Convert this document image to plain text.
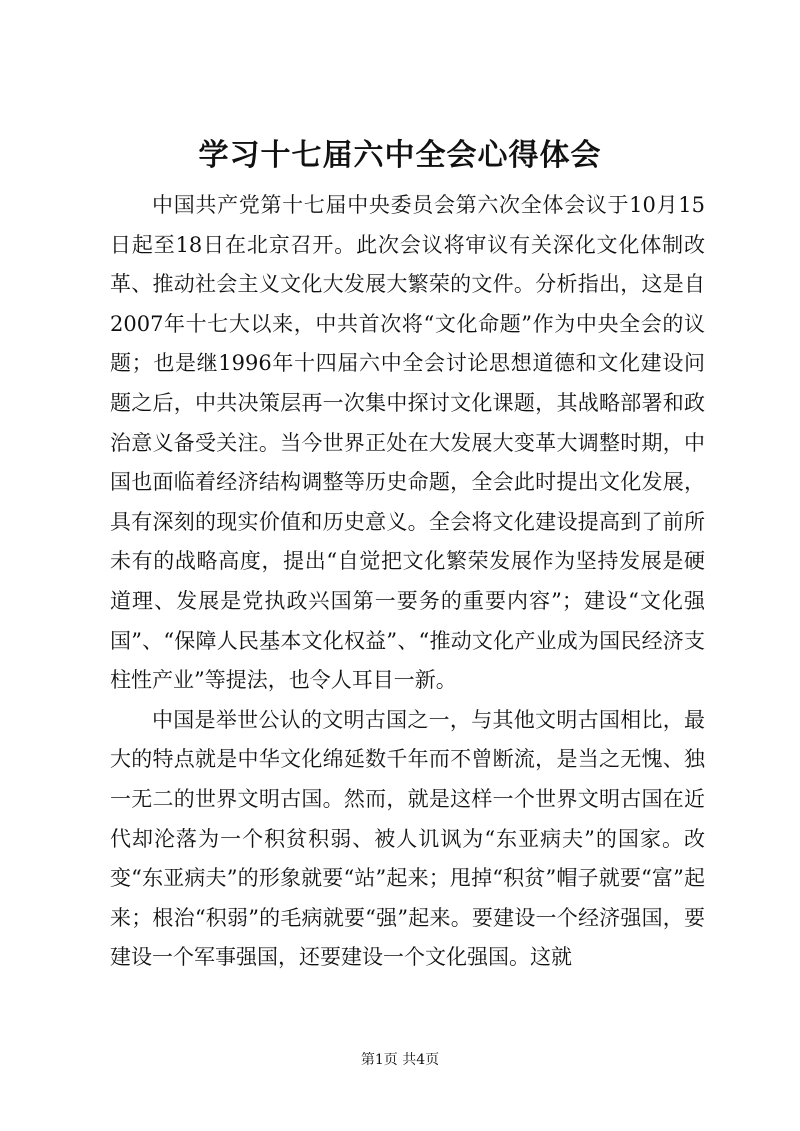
学习十七届六中全会心得体会

中国共产党第十七届中央委员会第六次全体会议于10月15日起至18日在北京召开。此次会议将审议有关深化文化体制改革、推动社会主义文化大发展大繁荣的文件。分析指出，这是自2007年十七大以来，中共首次将“文化命题”作为中央全会的议题；也是继1996年十四届六中全会讨论思想道德和文化建设问题之后，中共决策层再一次集中探讨文化课题，其战略部署和政治意义备受关注。当今世界正处在大发展大变革大调整时期，中国也面临着经济结构调整等历史命题，全会此时提出文化发展，具有深刻的现实价值和历史意义。全会将文化建设提高到了前所未有的战略高度，提出“自觉把文化繁荣发展作为坚持发展是硬道理、发展是党执政兴国第一要务的重要内容”；建设“文化强国”、“保障人民基本文化权益”、“推动文化产业成为国民经济支柱性产业”等提法，也令人耳目一新。

中国是举世公认的文明古国之一，与其他文明古国相比，最大的特点就是中华文化绵延数千年而不曾断流，是当之无愧、独一无二的世界文明古国。然而，就是这样一个世界文明古国在近代却沦落为一个积贫积弱、被人讥讽为“东亚病夫”的国家。改变“东亚病夫”的形象就要“站”起来；甩掉“积贫”帽子就要“富”起来；根治“积弱”的毛病就要“强”起来。要建设一个经济强国，要建设一个军事强国，还要建设一个文化强国。这就

第1页 共4页
